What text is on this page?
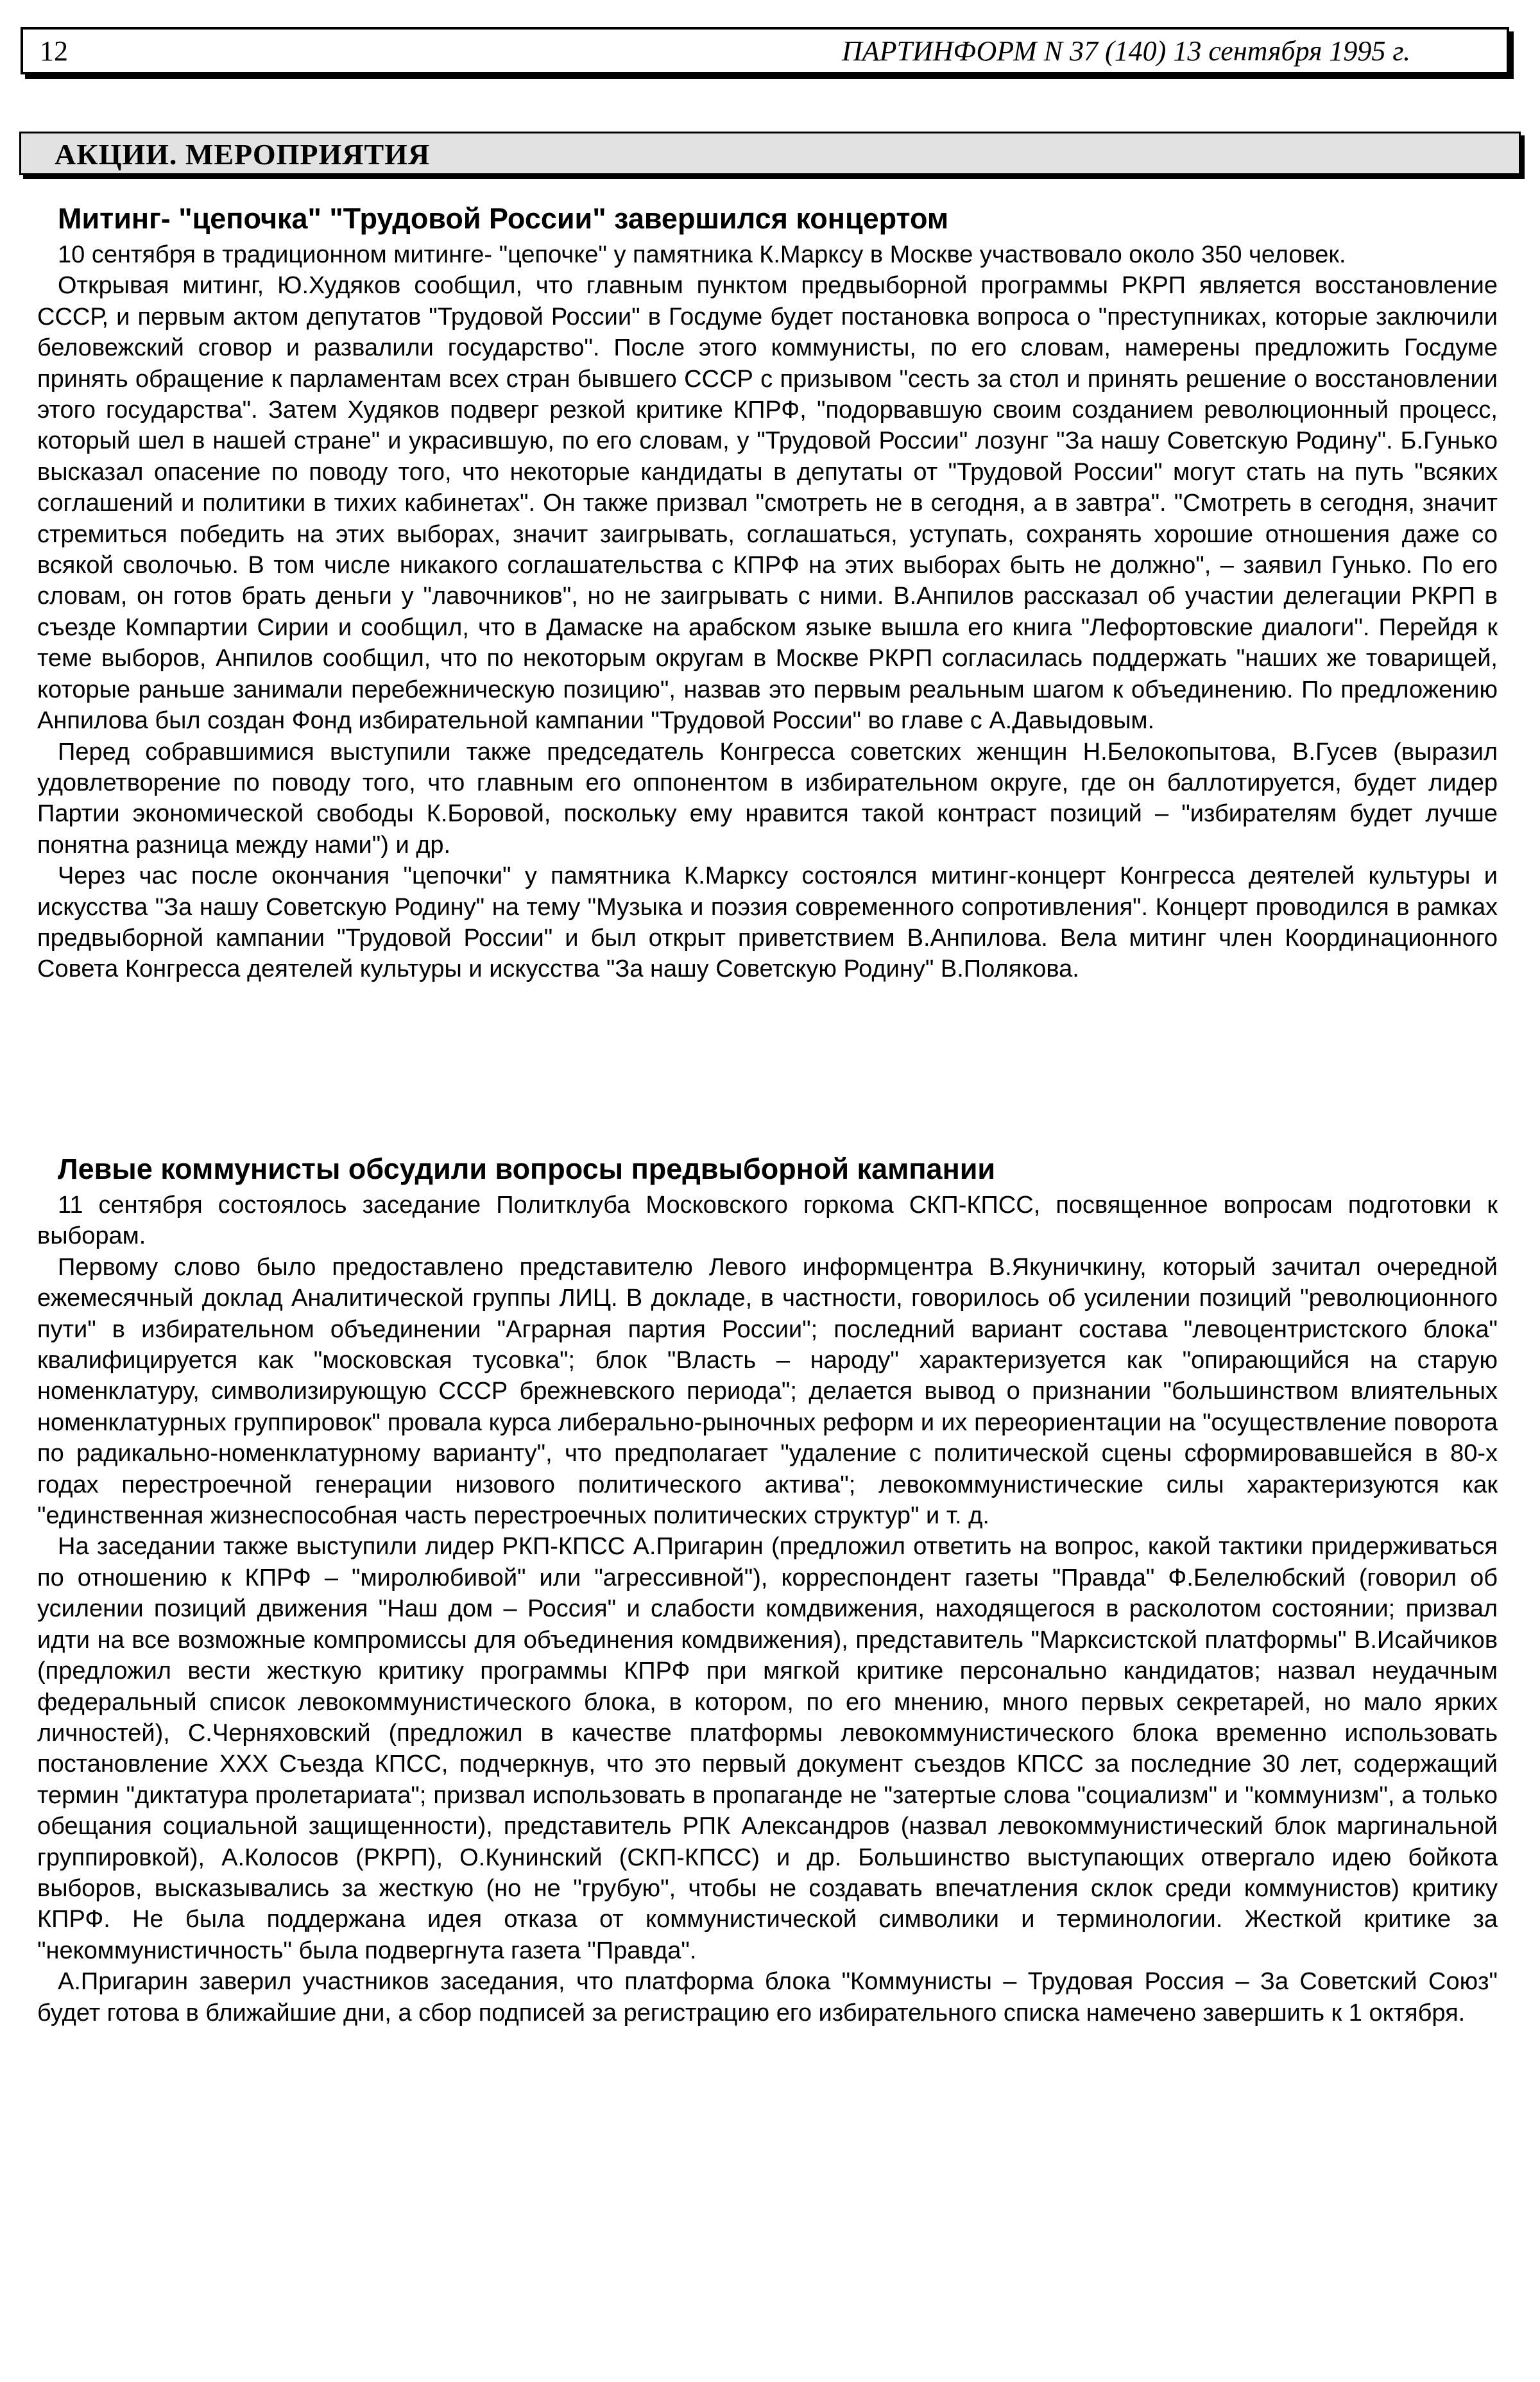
12	ПАРТИНФОРМ N 37 (140) 13 сентября 1995 г.
АКЦИИ. МЕРОПРИЯТИЯ
Митинг- "цепочка" "Трудовой России" завершился концертом

10 сентября в традиционном митинге- "цепочке" у памятника К.Марксу в Москве участвовало около 350 человек.

Открывая митинг, Ю.Худяков сообщил, что главным пунктом предвыборной программы РКРП является восстановление СССР, и первым актом депутатов "Трудовой России" в Госдуме будет постановка вопроса о "преступниках, которые заключили беловежский сговор и развалили государство". После этого коммунисты, по его словам, намерены предложить Госдуме принять обращение к парламентам всех стран бывшего СССР с призывом "сесть за стол и принять решение о восстановлении этого государства". Затем Худяков подверг резкой критике КПРФ, "подорвавшую своим созданием революционный процесс, который шел в нашей стране" и украсившую, по его словам, у "Трудовой России" лозунг "За нашу Советскую Родину". Б.Гунько высказал опасение по поводу того, что некоторые кандидаты в депутаты от "Трудовой России" могут стать на путь "всяких соглашений и политики в тихих кабинетах". Он также призвал "смотреть не в сегодня, а в завтра". "Смотреть в сегодня, значит стремиться победить на этих выборах, значит заигрывать, соглашаться, уступать, сохранять хорошие отношения даже со всякой сволочью. В том числе никакого соглашательства с КПРФ на этих выборах быть не должно", – заявил Гунько. По его словам, он готов брать деньги у "лавочников", но не заигрывать с ними. В.Анпилов рассказал об участии делегации РКРП в съезде Компартии Сирии и сообщил, что в Дамаске на арабском языке вышла его книга "Лефортовские диалоги". Перейдя к теме выборов, Анпилов сообщил, что по некоторым округам в Москве РКРП согласилась поддержать "наших же товарищей, которые раньше занимали перебежническую позицию", назвав это первым реальным шагом к объединению. По предложению Анпилова был создан Фонд избирательной кампании "Трудовой России" во главе с А.Давыдовым.

Перед собравшимися выступили также председатель Конгресса советских женщин Н.Белокопытова, В.Гусев (выразил удовлетворение по поводу того, что главным его оппонентом в избирательном округе, где он баллотируется, будет лидер Партии экономической свободы К.Боровой, поскольку ему нравится такой контраст позиций – "избирателям будет лучше понятна разница между нами") и др.

Через час после окончания "цепочки" у памятника К.Марксу состоялся митинг-концерт Конгресса деятелей культуры и искусства "За нашу Советскую Родину" на тему "Музыка и поэзия современного сопротивления". Концерт проводился в рамках предвыборной кампании "Трудовой России" и был открыт приветствием В.Анпилова. Вела митинг член Координационного Совета Конгресса деятелей культуры и искусства "За нашу Советскую Родину" В.Полякова.

Левые коммунисты обсудили вопросы предвыборной кампании

11 сентября состоялось заседание Политклуба Московского горкома СКП-КПСС, посвященное вопросам подготовки к выборам.

Первому слово было предоставлено представителю Левого информцентра В.Якуничкину, который зачитал очередной ежемесячный доклад Аналитической группы ЛИЦ. В докладе, в частности, говорилось об усилении позиций "революционного пути" в избирательном объединении "Аграрная партия России"; последний вариант состава "левоцентристского блока" квалифицируется как "московская тусовка"; блок "Власть – народу" характеризуется как "опирающийся на старую номенклатуру, символизирующую СССР брежневского периода"; делается вывод о признании "большинством влиятельных номенклатурных группировок" провала курса либерально-рыночных реформ и их переориентации на "осуществление поворота по радикально-номенклатурному варианту", что предполагает "удаление с политической сцены сформировавшейся в 80-х годах перестроечной генерации низового политического актива"; левокоммунистические силы характеризуются как "единственная жизнеспособная часть перестроечных политических структур" и т. д.

На заседании также выступили лидер РКП-КПСС А.Пригарин (предложил ответить на вопрос, какой тактики придерживаться по отношению к КПРФ – "миролюбивой" или "агрессивной"), корреспондент газеты "Правда" Ф.Белелюбский (говорил об усилении позиций движения "Наш дом – Россия" и слабости комдвижения, находящегося в расколотом состоянии; призвал идти на все возможные компромиссы для объединения комдвижения), представитель "Марксистской платформы" В.Исайчиков (предложил вести жесткую критику программы КПРФ при мягкой критике персонально кандидатов; назвал неудачным федеральный список левокоммунистического блока, в котором, по его мнению, много первых секретарей, но мало ярких личностей), С.Черняховский (предложил в качестве платформы левокоммунистического блока временно использовать постановление XXX Съезда КПСС, подчеркнув, что это первый документ съездов КПСС за последние 30 лет, содержащий термин "диктатура пролетариата"; призвал использовать в пропаганде не "затертые слова "социализм" и "коммунизм", а только обещания социальной защищенности), представитель РПК Александров (назвал левокоммунистический блок маргинальной группировкой), А.Колосов (РКРП), О.Кунинский (СКП-КПСС) и др. Большинство выступающих отвергало идею бойкота выборов, высказывались за жесткую (но не "грубую", чтобы не создавать впечатления склок среди коммунистов) критику КПРФ. Не была поддержана идея отказа от коммунистической символики и терминологии. Жесткой критике за "некоммунистичность" была подвергнута газета "Правда".

А.Пригарин заверил участников заседания, что платформа блока "Коммунисты – Трудовая Россия – За Советский Союз" будет готова в ближайшие дни, а сбор подписей за регистрацию его избирательного списка намечено завершить к 1 октября.
